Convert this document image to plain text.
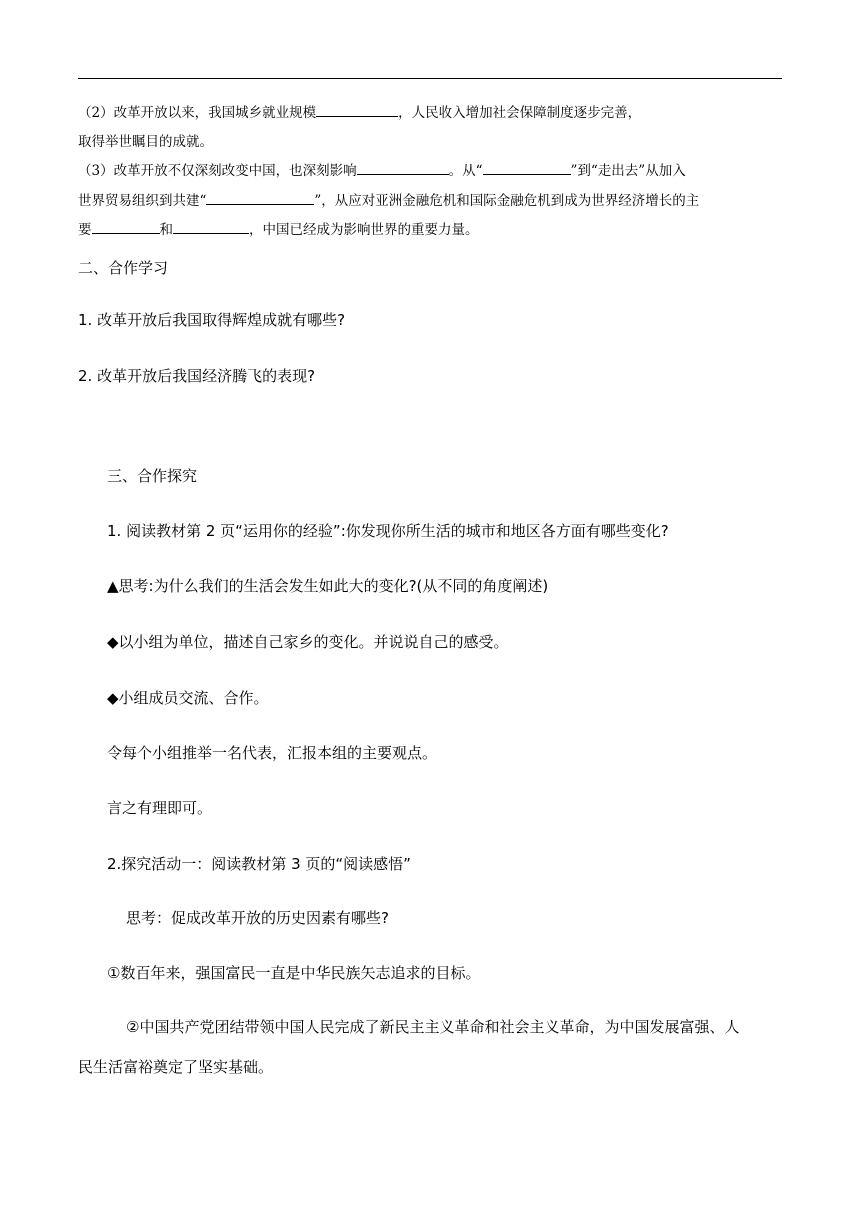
（2）改革开放以来，我国城乡就业规模	，人民收入增加社会保障制度逐步完善，
取得举世瞩目的成就。
（3）改革开放不仅深刻改变中国，也深刻影响	。从“	”到“走出去”从加入
世界贸易组织到共建“	”，从应对亚洲金融危机和国际金融危机到成为世界经济增长的主
要	和	，中国已经成为影响世界的重要力量。
二、合作学习
1. 改革开放后我国取得辉煌成就有哪些?
2. 改革开放后我国经济腾飞的表现?
三、合作探究
1. 阅读教材第 2 页“运用你的经验”:你发现你所生活的城市和地区各方面有哪些变化?
▲思考:为什么我们的生活会发生如此大的变化?(从不同的角度阐述)
◆以小组为单位，描述自己家乡的变化。并说说自己的感受。
◆小组成员交流、合作。
令每个小组推举一名代表，汇报本组的主要观点。
言之有理即可。
2.探究活动一：阅读教材第 3 页的“阅读感悟”
思考：促成改革开放的历史因素有哪些?
①数百年来，强国富民一直是中华民族矢志追求的目标。
②中国共产党团结带领中国人民完成了新民主主义革命和社会主义革命，为中国发展富强、人
民生活富裕奠定了坚实基础。
